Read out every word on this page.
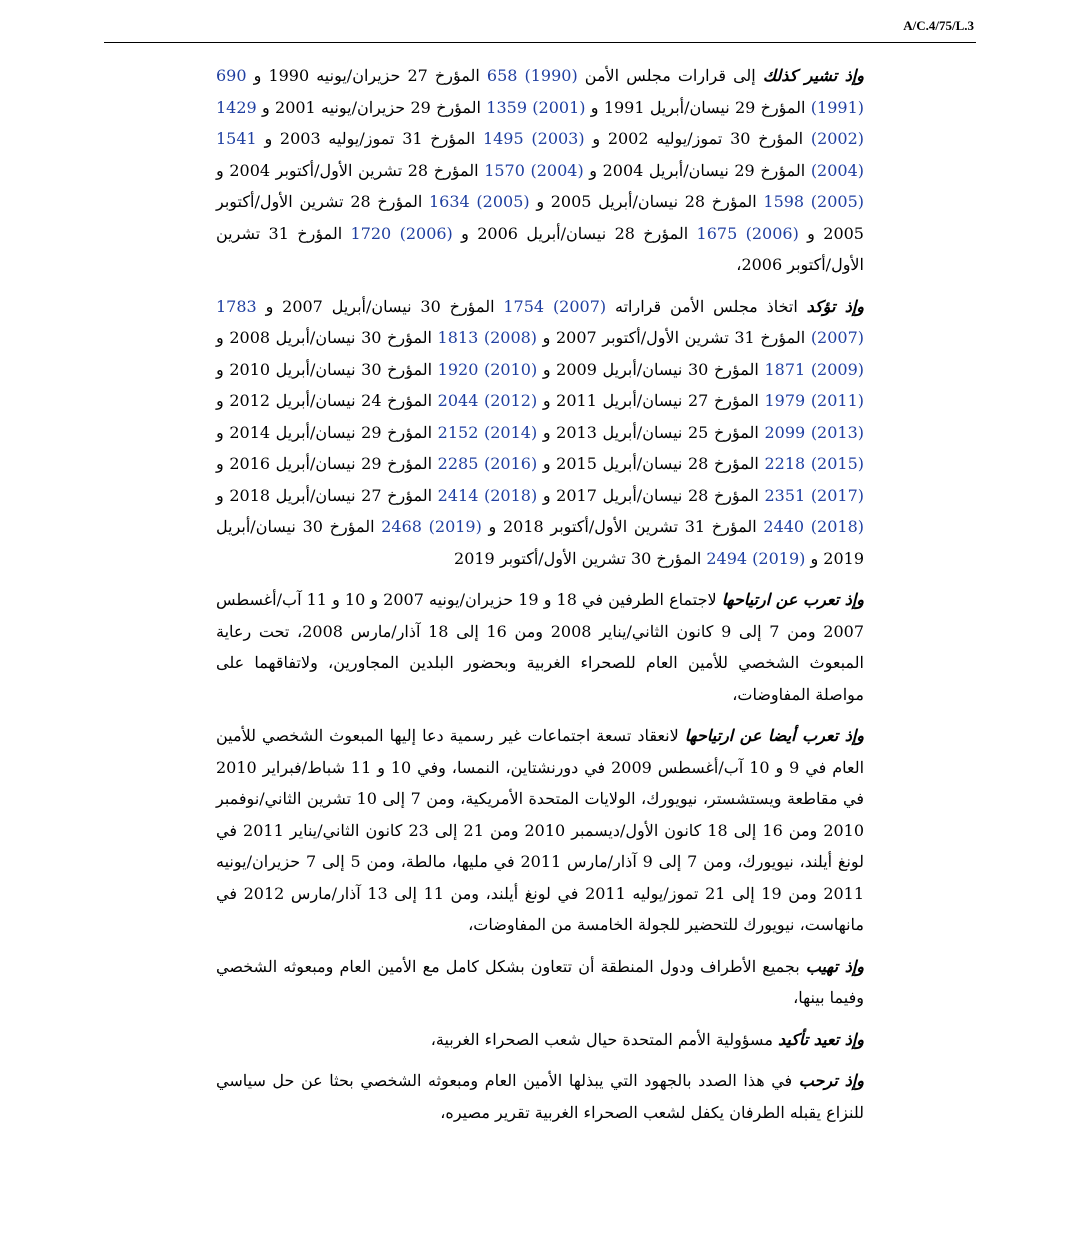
A/C.4/75/L.3

وإذ تشير كذلك إلى قرارات مجلس الأمن 658 (1990) المؤرخ 27 حزيران/يونيه 1990 و 690 (1991) المؤرخ 29 نيسان/أبريل 1991 و 1359 (2001) المؤرخ 29 حزيران/يونيه 2001 و 1429 (2002) المؤرخ 30 تموز/يوليه 2002 و 1495 (2003) المؤرخ 31 تموز/يوليه 2003 و 1541 (2004) المؤرخ 29 نيسان/أبريل 2004 و 1570 (2004) المؤرخ 28 تشرين الأول/أكتوبر 2004 و 1598 (2005) المؤرخ 28 نيسان/أبريل 2005 و 1634 (2005) المؤرخ 28 تشرين الأول/أكتوبر 2005 و 1675 (2006) المؤرخ 28 نيسان/أبريل 2006 و 1720 (2006) المؤرخ 31 تشرين الأول/أكتوبر 2006،

وإذ تؤكد اتخاذ مجلس الأمن قراراته 1754 (2007) المؤرخ 30 نيسان/أبريل 2007 و 1783 (2007) المؤرخ 31 تشرين الأول/أكتوبر 2007 و 1813 (2008) المؤرخ 30 نيسان/أبريل 2008 و 1871 (2009) المؤرخ 30 نيسان/أبريل 2009 و 1920 (2010) المؤرخ 30 نيسان/أبريل 2010 و 1979 (2011) المؤرخ 27 نيسان/أبريل 2011 و 2044 (2012) المؤرخ 24 نيسان/أبريل 2012 و 2099 (2013) المؤرخ 25 نيسان/أبريل 2013 و 2152 (2014) المؤرخ 29 نيسان/أبريل 2014 و 2218 (2015) المؤرخ 28 نيسان/أبريل 2015 و 2285 (2016) المؤرخ 29 نيسان/أبريل 2016 و 2351 (2017) المؤرخ 28 نيسان/أبريل 2017 و 2414 (2018) المؤرخ 27 نيسان/أبريل 2018 و 2440 (2018) المؤرخ 31 تشرين الأول/أكتوبر 2018 و 2468 (2019) المؤرخ 30 نيسان/أبريل 2019 و 2494 (2019) المؤرخ 30 تشرين الأول/أكتوبر 2019

وإذ تعرب عن ارتياحها لاجتماع الطرفين في 18 و 19 حزيران/يونيه 2007 و 10 و 11 آب/أغسطس 2007 ومن 7 إلى 9 كانون الثاني/يناير 2008 ومن 16 إلى 18 آذار/مارس 2008، تحت رعاية المبعوث الشخصي للأمين العام للصحراء الغربية وبحضور البلدين المجاورين، ولاتفاقهما على مواصلة المفاوضات،

وإذ تعرب أيضا عن ارتياحها لانعقاد تسعة اجتماعات غير رسمية دعا إليها المبعوث الشخصي للأمين العام في 9 و 10 آب/أغسطس 2009 في دورنشتاين، النمسا، وفي 10 و 11 شباط/فبراير 2010 في مقاطعة ويستشستر، نيويورك، الولايات المتحدة الأمريكية، ومن 7 إلى 10 تشرين الثاني/نوفمبر 2010 ومن 16 إلى 18 كانون الأول/ديسمبر 2010 ومن 21 إلى 23 كانون الثاني/يناير 2011 في لونغ أيلند، نيويورك، ومن 7 إلى 9 آذار/مارس 2011 في مليها، مالطة، ومن 5 إلى 7 حزيران/يونيه 2011 ومن 19 إلى 21 تموز/يوليه 2011 في لونغ أيلند، ومن 11 إلى 13 آذار/مارس 2012 في مانهاست، نيويورك للتحضير للجولة الخامسة من المفاوضات،

وإذ تهيب بجميع الأطراف ودول المنطقة أن تتعاون بشكل كامل مع الأمين العام ومبعوثه الشخصي وفيما بينها،

وإذ تعيد تأكيد مسؤولية الأمم المتحدة حيال شعب الصحراء الغربية،

وإذ ترحب في هذا الصدد بالجهود التي يبذلها الأمين العام ومبعوثه الشخصي بحثا عن حل سياسي للنزاع يقبله الطرفان يكفل لشعب الصحراء الغربية تقرير مصيره،
